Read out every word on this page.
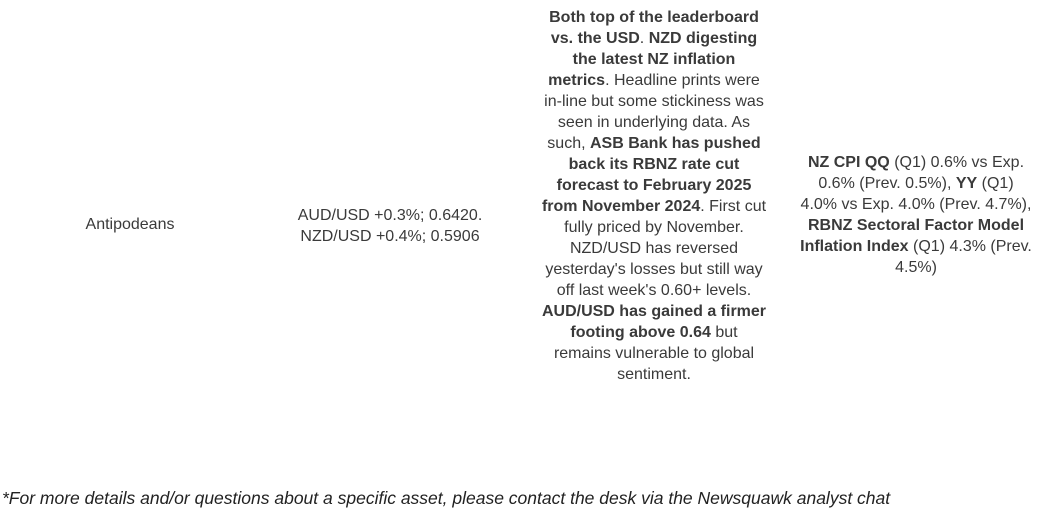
Antipodeans
AUD/USD +0.3%; 0.6420.
NZD/USD +0.4%; 0.5906
Both top of the leaderboard vs. the USD. NZD digesting the latest NZ inflation metrics. Headline prints were in-line but some stickiness was seen in underlying data. As such, ASB Bank has pushed back its RBNZ rate cut forecast to February 2025 from November 2024. First cut fully priced by November. NZD/USD has reversed yesterday's losses but still way off last week's 0.60+ levels. AUD/USD has gained a firmer footing above 0.64 but remains vulnerable to global sentiment.
NZ CPI QQ (Q1) 0.6% vs Exp. 0.6% (Prev. 0.5%), YY (Q1) 4.0% vs Exp. 4.0% (Prev. 4.7%), RBNZ Sectoral Factor Model Inflation Index (Q1) 4.3% (Prev. 4.5%)
*For more details and/or questions about a specific asset, please contact the desk via the Newsquawk analyst chat
